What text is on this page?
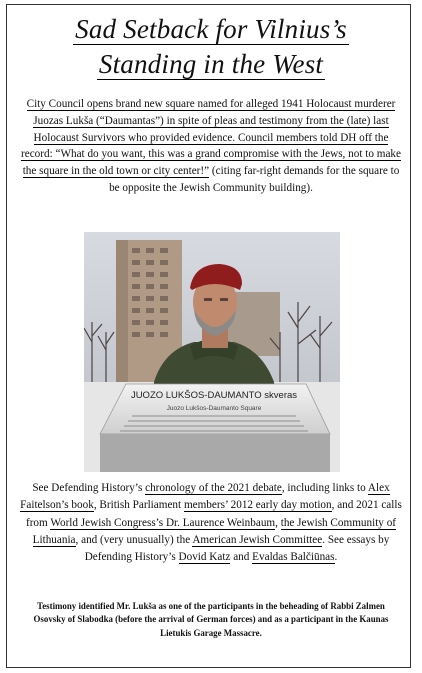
Sad Setback for Vilnius’s
Standing in the West
City Council opens brand new square named for alleged 1941 Holocaust murderer Juozas Lukša (“Daumantas”) in spite of pleas and testimony from the (late) last Holocaust Survivors who provided evidence. Council members told DH off the record: “What do you want, this was a grand compromise with the Jews, not to make the square in the old town or city center!” (citing far-right demands for the square to be opposite the Jewish Community building).
JUOZO LUKŠOS-DAUMANTO skveras
Juozo Lukšos-Daumanto Square
See Defending History’s chronology of the 2021 debate, including links to Alex Faitelson’s book, British Parliament members’ 2012 early day motion, and 2021 calls from World Jewish Congress’s Dr. Laurence Weinbaum, the Jewish Community of Lithuania, and (very unusually) the American Jewish Committee. See essays by Defending History’s Dovid Katz and Evaldas Balčiūnas.
Testimony identified Mr. Lukša as one of the participants in the beheading of Rabbi Zalmen Osovsky of Slabodka (before the arrival of German forces) and as a participant in the Kaunas Lietukis Garage Massacre.
